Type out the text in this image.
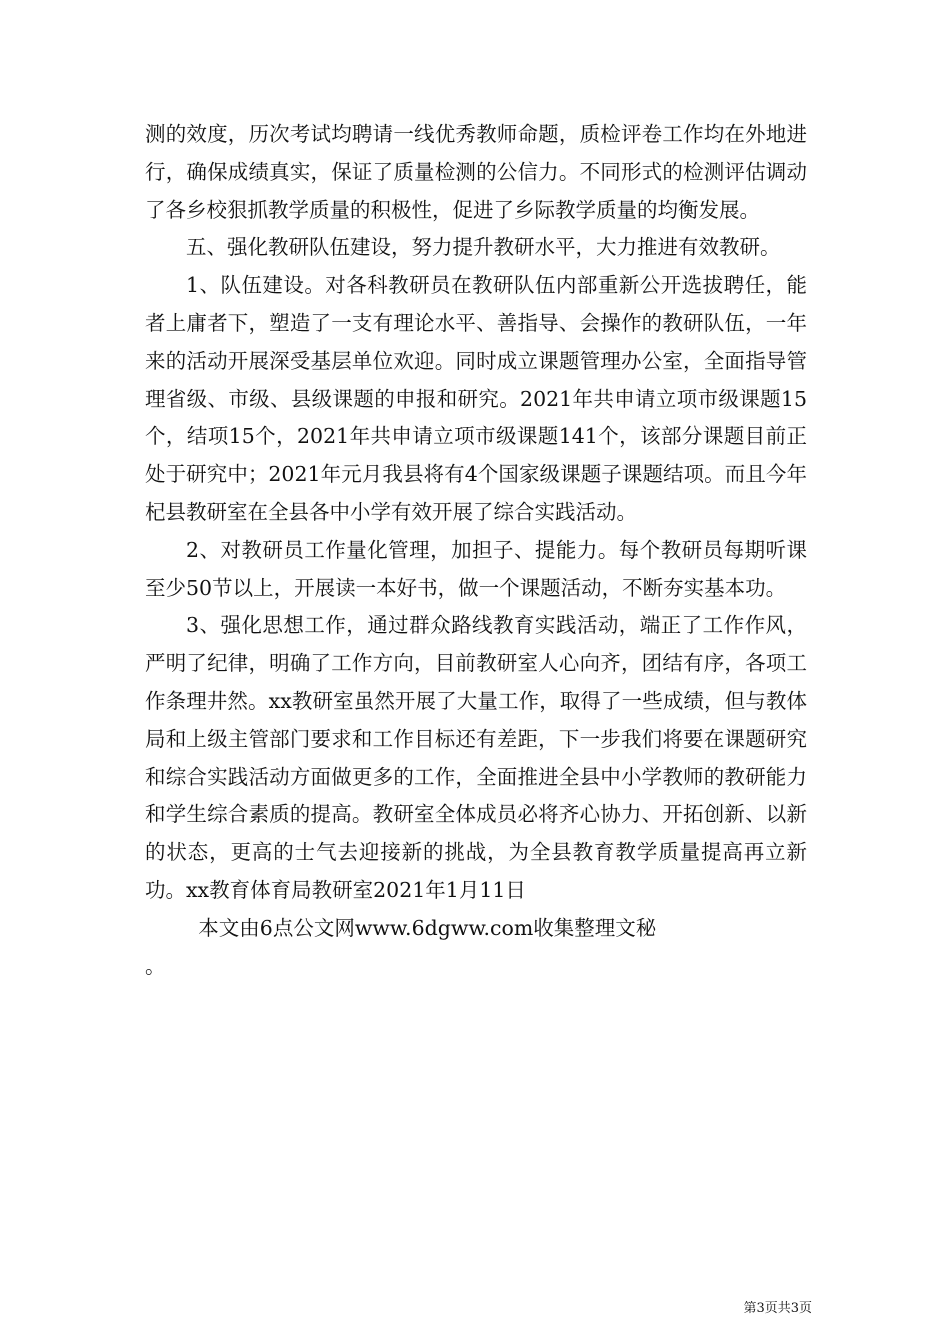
测的效度，历次考试均聘请一线优秀教师命题，质检评卷工作均在外地进行，确保成绩真实，保证了质量检测的公信力。不同形式的检测评估调动了各乡校狠抓教学质量的积极性，促进了乡际教学质量的均衡发展。

五、强化教研队伍建设，努力提升教研水平，大力推进有效教研。

1、队伍建设。对各科教研员在教研队伍内部重新公开选拔聘任，能者上庸者下，塑造了一支有理论水平、善指导、会操作的教研队伍，一年来的活动开展深受基层单位欢迎。同时成立课题管理办公室，全面指导管理省级、市级、县级课题的申报和研究。2021年共申请立项市级课题15个，结项15个，2021年共申请立项市级课题141个，该部分课题目前正处于研究中；2021年元月我县将有4个国家级课题子课题结项。而且今年杞县教研室在全县各中小学有效开展了综合实践活动。

2、对教研员工作量化管理，加担子、提能力。每个教研员每期听课至少50节以上，开展读一本好书，做一个课题活动，不断夯实基本功。

3、强化思想工作，通过群众路线教育实践活动，端正了工作作风，严明了纪律，明确了工作方向，目前教研室人心向齐，团结有序，各项工作条理井然。xx教研室虽然开展了大量工作，取得了一些成绩，但与教体局和上级主管部门要求和工作目标还有差距，下一步我们将要在课题研究和综合实践活动方面做更多的工作，全面推进全县中小学教师的教研能力和学生综合素质的提高。教研室全体成员必将齐心协力、开拓创新、以新的状态，更高的士气去迎接新的挑战，为全县教育教学质量提高再立新功。xx教育体育局教研室2021年1月11日

本文由6点公文网www.6dgww.com收集整理文秘

。

第3页共3页
